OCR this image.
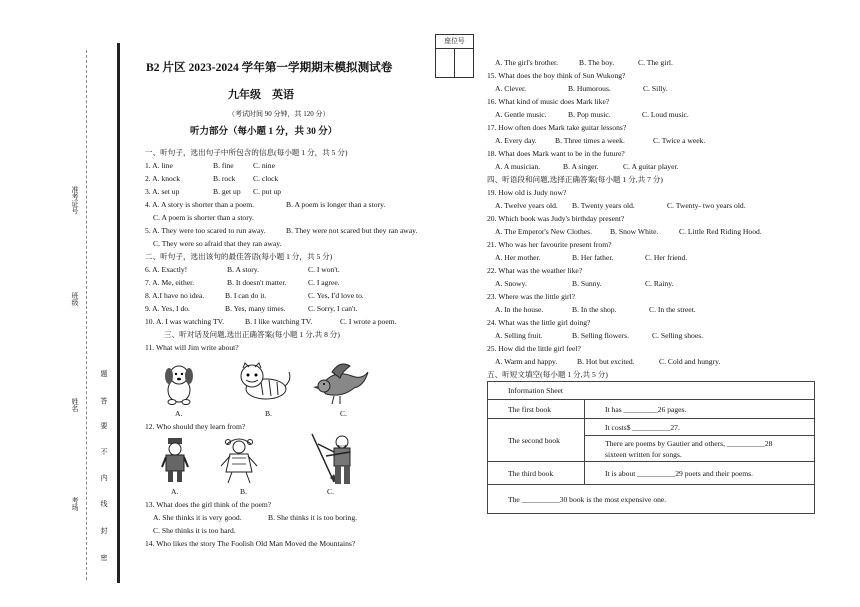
准考证号
班级
姓名
考场
题
答
要
不
内
线
封
密
座位号
B2 片区 2023-2024 学年第一学期期末模拟测试卷
九年级　英语
（考试时间 90 分钟，共 120 分）
听力部分（每小题 1 分，共 30 分）
一、听句子，选出句子中所包含的信息(每小题 1 分，共 5 分)
1. A. line	B. fine	C. nine
2. A. knock	B. rock C. clock
3. A. set up	B. get up C. put up
4. A. A story is shorter than a poem.	B. A poem is longer than a story.
C. A poem is shorter than a story.
5. A. They were too scared to run away.	B. They were not scared but they ran away.
C. They were so afraid that they ran away.
二、听句子，选出该句的最佳答语(每小题 1 分，共 5 分)
6. A. Exactly!	B. A story.	C. I won't.
7. A. Me, either.	B. It doesn't matter.	C. I agree.
8. A.I have no idea.	B. I can do it.	C. Yes, I'd love to.
9. A. Yes, I do.	B. Yes, many times.	C. Sorry, I can't.
10. A. I was watching TV.	B. I like watching TV.	C. I wrote a poem.
三、听对话及问题,选出正确答案(每小题 1 分,共 8 分)
11. What will Jim write about?
A.	B.	C.
12. Who should they learn from?
A.	B.	C.
13. What does the girl think of the poem?
A. She thinks it is very good.	B. She thinks it is too boring.
C. She thinks it is too hard.
14. Who likes the story The Foolish Old Man Moved the Mountains?
A. The girl's brother.	B. The boy.	C. The girl.
15. What does the boy think of Sun Wukong?
A. Clever.	B. Humorous.	C. Silly.
16. What kind of music does Mark like?
A. Gentle music.	B. Pop music.	C. Loud music.
17. How often does Mark take guitar lessons?
A. Every day. B. Three times a week.	C. Twice a week.
18. What does Mark want to be in the future?
A. A musician.	B. A singer.	C. A guitar player.
四、听语段和问题,选择正确答案(每小题 1 分,共 7 分)
19. How old is Judy now?
A. Twelve years old. B. Twenty years old.	C. Twenty- two years old.
20. Which book was Judy's birthday present?
A. The Emperor's New Clothes. B. Snow White.	C. Little Red Riding Hood.
21. Who was her favourite present from?
A. Her mother.	B. Her father.	C. Her friend.
22. What was the weather like?
A. Snowy.	B. Sunny.	C. Rainy.
23. Where was the little girl?
A. In the house.	B. In the shop.	C. In the street.
24. What was the little girl doing?
A. Selling fruit.	B. Selling flowers.	C. Selling shoes.
25. How did the little girl feel?
A. Warm and happy.	B. Hot but excited.	C. Cold and hungry.
五、听短文填空(每小题 1 分,共 5 分)
Information Sheet	
The first book	It has _________26 pages.
The second book	It costs$ __________27.
	There are poems by Gautier and others, __________28
sixteen written for songs.
The third book	It is about __________29 poets and their poems.
The __________30 book is the most expensive one.	
